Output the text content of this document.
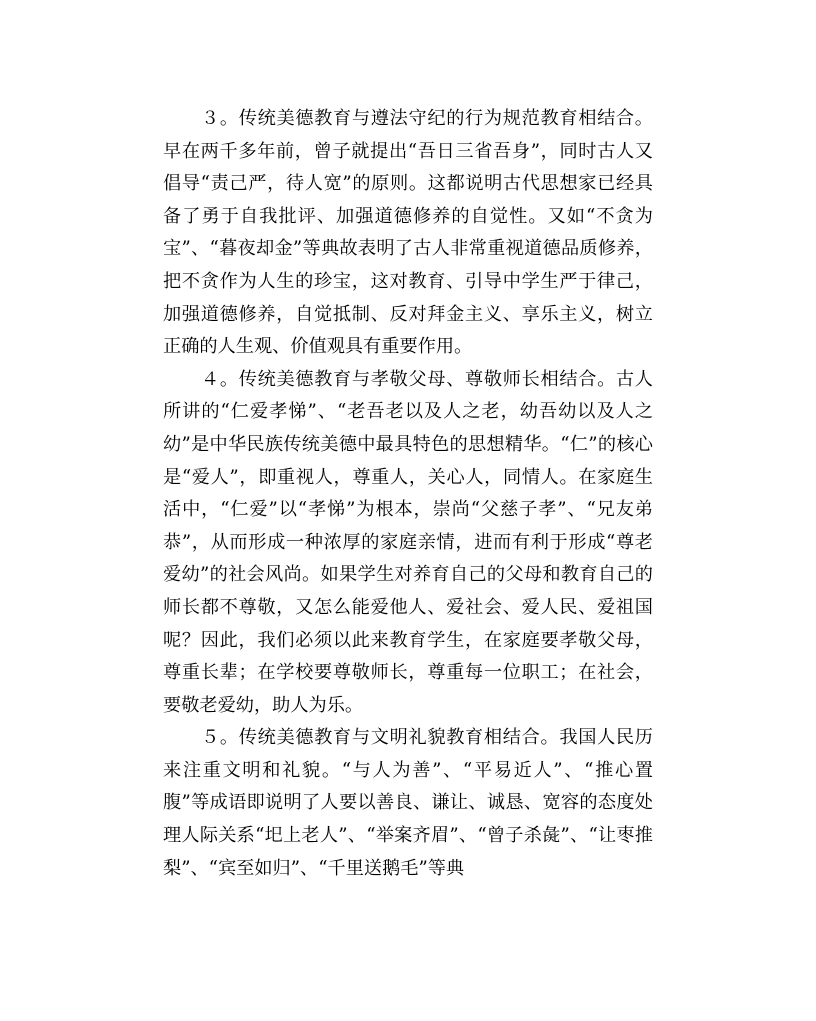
３。传统美德教育与遵法守纪的行为规范教育相结合。早在两千多年前，曾子就提出“吾日三省吾身”，同时古人又倡导“责己严，待人宽”的原则。这都说明古代思想家已经具备了勇于自我批评、加强道德修养的自觉性。又如“不贪为宝”、“暮夜却金”等典故表明了古人非常重视道德品质修养，把不贪作为人生的珍宝，这对教育、引导中学生严于律己，加强道德修养，自觉抵制、反对拜金主义、享乐主义，树立正确的人生观、价值观具有重要作用。

４。传统美德教育与孝敬父母、尊敬师长相结合。古人所讲的“仁爱孝悌”、“老吾老以及人之老，幼吾幼以及人之幼”是中华民族传统美德中最具特色的思想精华。“仁”的核心是“爱人”，即重视人，尊重人，关心人，同情人。在家庭生活中，“仁爱”以“孝悌”为根本，崇尚“父慈子孝”、“兄友弟恭”，从而形成一种浓厚的家庭亲情，进而有利于形成“尊老爱幼”的社会风尚。如果学生对养育自己的父母和教育自己的师长都不尊敬，又怎么能爱他人、爱社会、爱人民、爱祖国呢？因此，我们必须以此来教育学生，在家庭要孝敬父母，尊重长辈；在学校要尊敬师长，尊重每一位职工；在社会，要敬老爱幼，助人为乐。

５。传统美德教育与文明礼貌教育相结合。我国人民历来注重文明和礼貌。“与人为善”、“平易近人”、“推心置腹”等成语即说明了人要以善良、谦让、诚恳、宽容的态度处理人际关系“圯上老人”、“举案齐眉”、“曾子杀彘”、“让枣推梨”、“宾至如归”、“千里送鹅毛”等典
